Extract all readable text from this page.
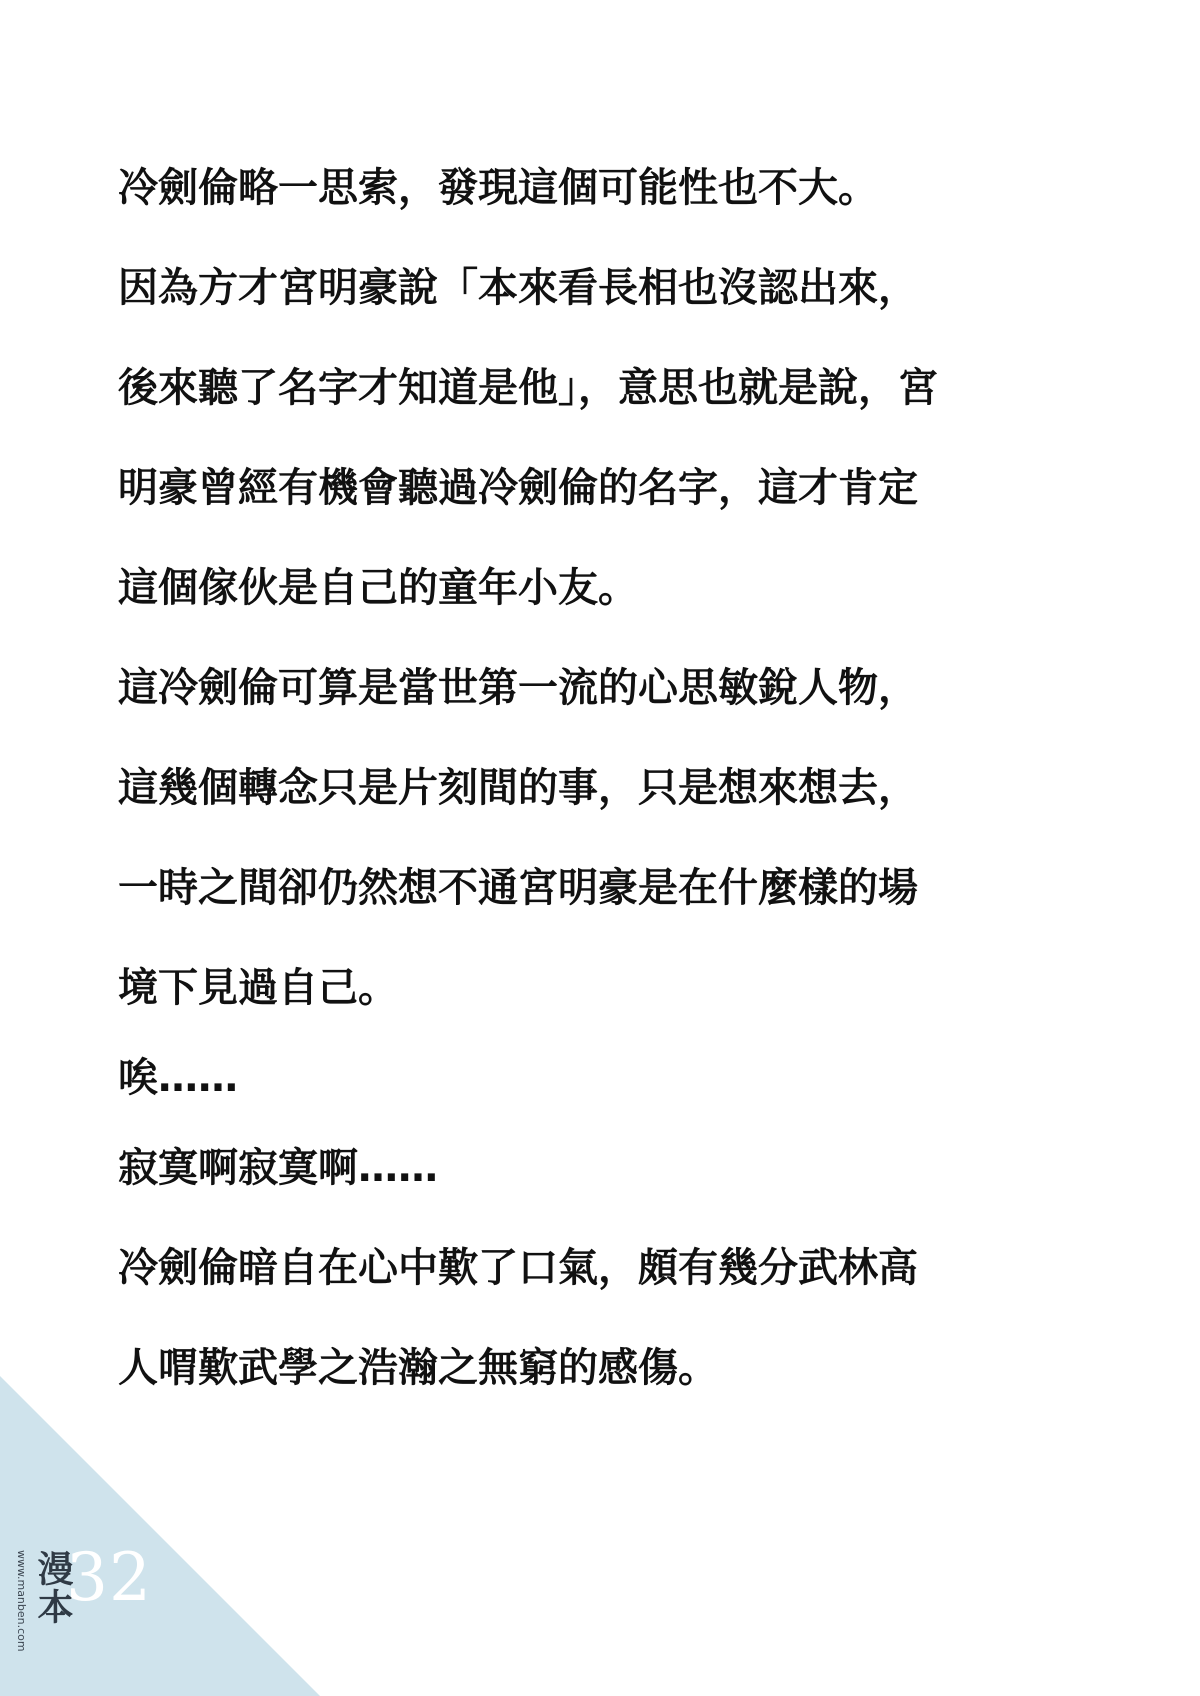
冷劍倫略一思索，發現這個可能性也不大。
因為方才宮明豪說「本來看長相也沒認出來，
後來聽了名字才知道是他」，意思也就是說，宮
明豪曾經有機會聽過冷劍倫的名字，這才肯定
這個傢伙是自己的童年小友。
這冷劍倫可算是當世第一流的心思敏銳人物，
這幾個轉念只是片刻間的事，只是想來想去，
一時之間卻仍然想不通宮明豪是在什麼樣的場
境下見過自己。
唉……
寂寞啊寂寞啊……
冷劍倫暗自在心中歎了口氣，頗有幾分武林高
人喟歎武學之浩瀚之無窮的感傷。
32
www.manben.com 漫本
